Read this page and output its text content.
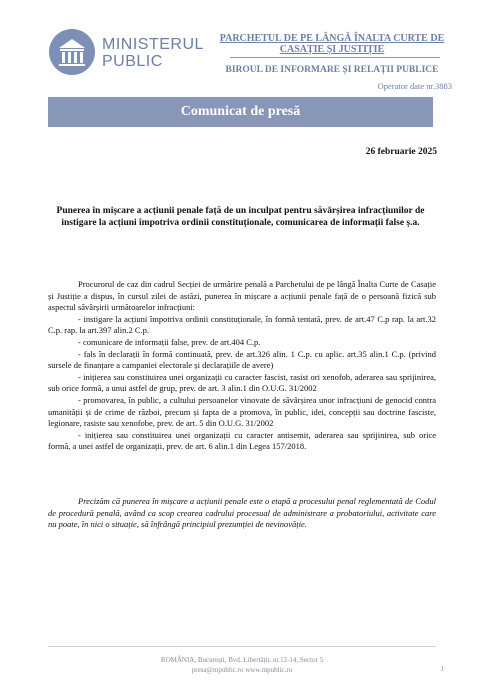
MINISTERUL
PUBLIC
PARCHETUL DE PE LÂNGĂ ÎNALTA CURTE DE
CASAȚIE ȘI JUSTIȚIE
BIROUL DE INFORMARE ȘI RELAȚII PUBLICE
Operator date nr.3883
Comunicat de presă
26 februarie 2025
Punerea în mișcare a acțiunii penale față de un inculpat pentru săvârșirea infracțiunilor de instigare la acțiuni împotriva ordinii constituționale, comunicarea de informații false ș.a.

Procurorul de caz din cadrul Secției de urmărire penală a Parchetului de pe lângă Înalta Curte de Casație și Justiție a dispus, în cursul zilei de astăzi, punerea în mișcare a acțiunii penale față de o persoană fizică sub aspectul săvârșirii următoarelor infracțiuni:

- instigare la acțiuni împotriva ordinii constituționale, în formă tentată, prev. de art.47 C.p rap. la art.32 C.p. rap. la art.397 alin.2 C.p.

- comunicare de informații false, prev. de art.404 C.p.

- fals în declarații în formă continuată, prev. de art.326 alin. 1 C.p. cu aplic. art.35 alin.1 C.p. (privind sursele de finanțare a campaniei electorale și declarațiile de avere)

- inițierea sau constituirea unei organizații cu caracter fascist, rasist ori xenofob, aderarea sau sprijinirea, sub orice formă, a unui astfel de grup, prev. de art. 3 alin.1 din O.U.G. 31/2002

- promovarea, în public, a cultului persoanelor vinovate de săvârșirea unor infracțiuni de genocid contra umanității și de crime de război, precum și fapta de a promova, în public, idei, concepții sau doctrine fasciste, legionare, rasiste sau xenofobe, prev. de art. 5 din O.U.G. 31/2002

- inițierea sau constituirea unei organizații cu caracter antisemit, aderarea sau sprijinirea, sub orice formă, a unei astfel de organizații, prev. de art. 6 alin.1 din Legea 157/2018.

Precizăm că punerea în mișcare a acțiunii penale este o etapă a procesului penal reglementată de Codul de procedură penală, având ca scop crearea cadrului procesual de administrare a probatoriului, activitate care nu poate, în nici o situație, să înfrângă principiul prezumției de nevinovăție.
ROMÂNIA, București, Bvd. Libertății, nr.12-14, Sector 5
presa@mpublic.ro www.mpublic.ro	1
